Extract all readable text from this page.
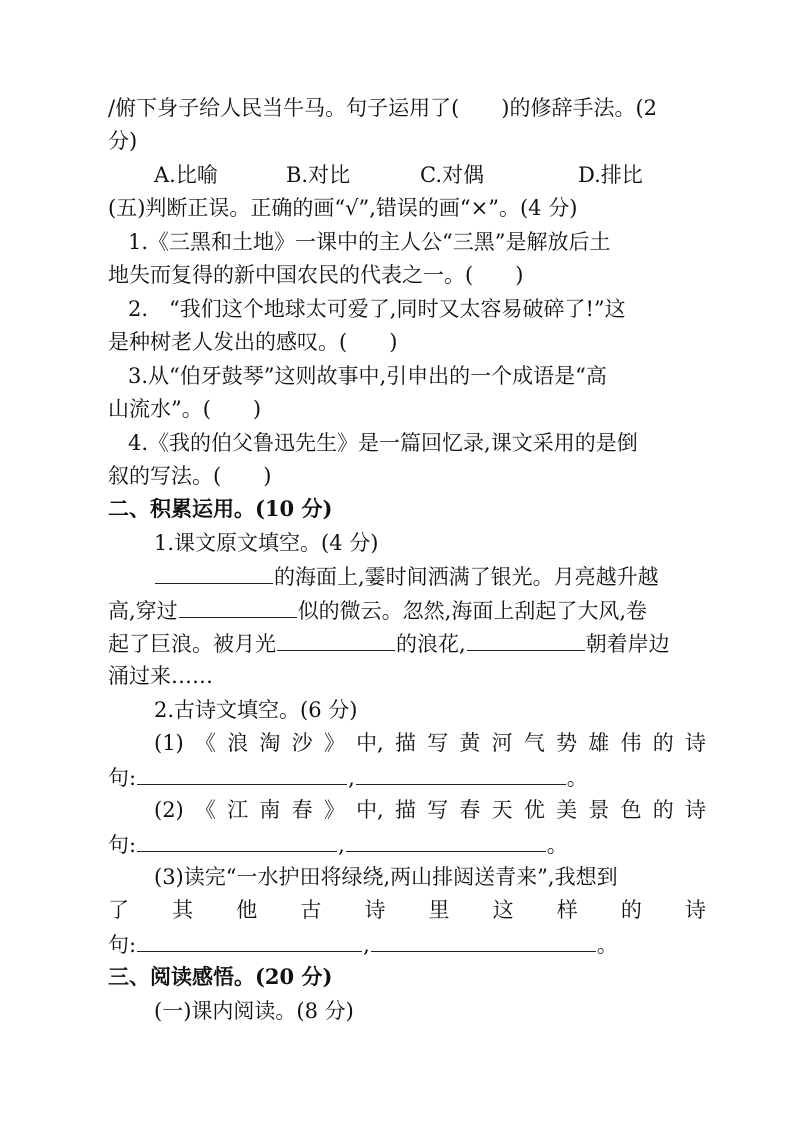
/俯下身子给人民当牛马。句子运用了(　　)的修辞手法。(2
分)
A.比喻	B.对比	C.对偶	D.排比
(五)判断正误。正确的画“√”,错误的画“×”。(4 分)
1.《三黑和土地》一课中的主人公“三黑”是解放后土
地失而复得的新中国农民的代表之一。(　　)
2.　“我们这个地球太可爱了,同时又太容易破碎了!”这
是种树老人发出的感叹。(　　)
3.从“伯牙鼓琴”这则故事中,引申出的一个成语是“高
山流水”。(　　)
4.《我的伯父鲁迅先生》是一篇回忆录,课文采用的是倒
叙的写法。(　　)
二、积累运用。(10 分)
1.课文原文填空。(4 分)
的海面上,霎时间洒满了银光。月亮越升越
高,穿过	似的微云。忽然,海面上刮起了大风,卷
起了巨浪。被月光	的浪花,	朝着岸边
涌过来……
2.古诗文填空。(6 分)
(1) 《 浪 淘 沙 》 中, 描 写 黄 河 气 势 雄 伟 的 诗
句:	,	。
(2) 《 江 南 春 》 中, 描 写 春 天 优 美 景 色 的 诗
句:	,	。
(3)读完“一水护田将绿绕,两山排闼送青来”,我想到
了 其 他 古 诗 里 这 样 的 诗
句:	,	。
三、阅读感悟。(20 分)
(一)课内阅读。(8 分)
